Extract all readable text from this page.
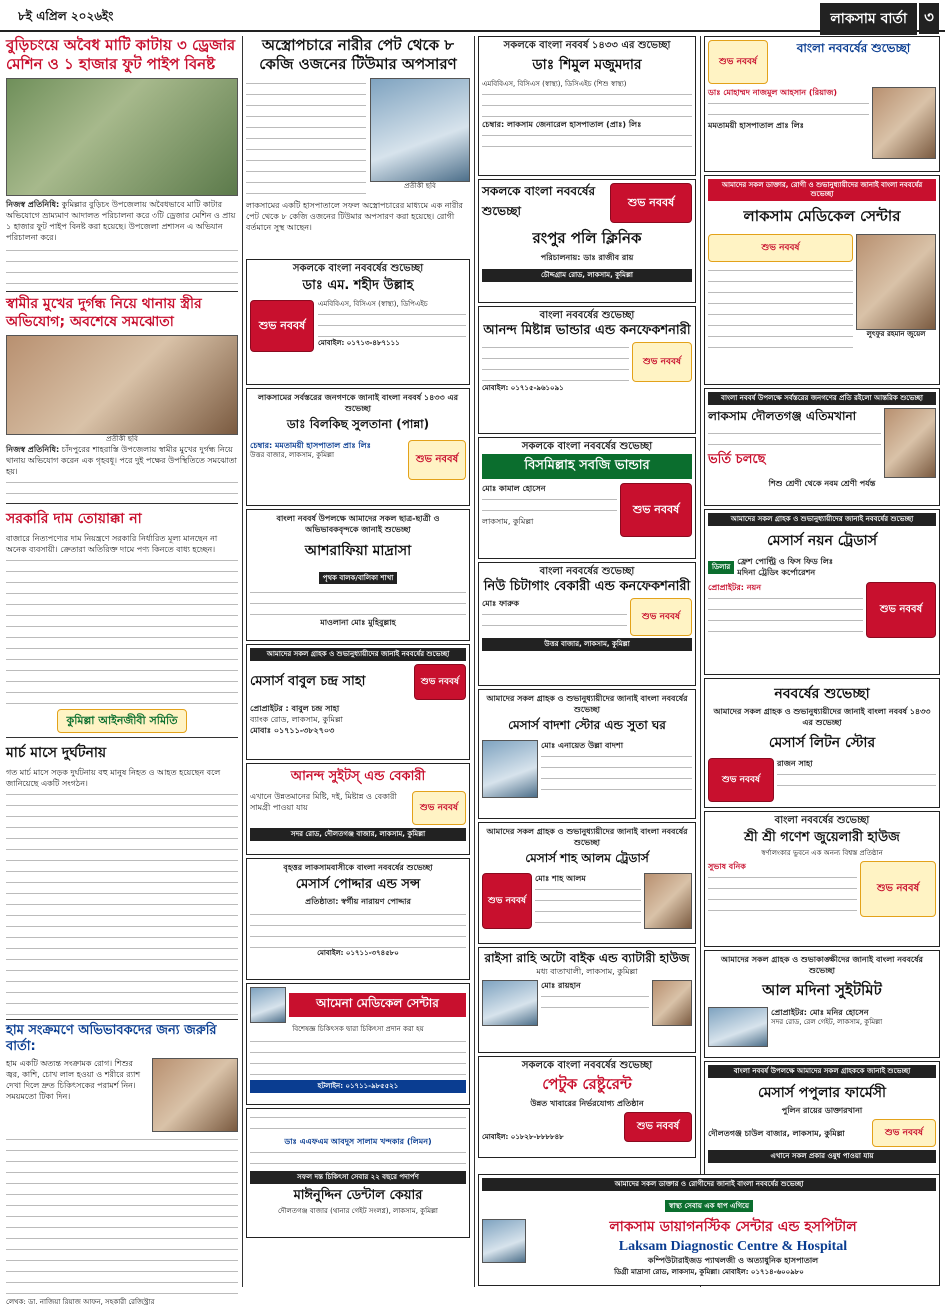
৮ই এপ্রিল ২০২৬ইং	লাকসাম বার্তা	৩
বুড়িচংয়ে অবৈধ মাটি কাটায় ৩ ড্রেজার মেশিন ও ১ হাজার ফুট পাইপ বিনষ্ট
নিজস্ব প্রতিনিধি: কুমিল্লার বুড়িচং উপজেলায় অবৈধভাবে মাটি কাটার অভিযোগে ভ্রাম্যমাণ আদালত পরিচালনা করে ৩টি ড্রেজার মেশিন ও প্রায় ১ হাজার ফুট পাইপ বিনষ্ট করা হয়েছে। উপজেলা প্রশাসন এ অভিযান পরিচালনা করে।
স্বামীর মুখের দুর্গন্ধ নিয়ে থানায় স্ত্রীর অভিযোগ; অবশেষে সমঝোতা
প্রতীকী ছবি
নিজস্ব প্রতিনিধি: চাঁদপুরের শাহরাস্তি উপজেলায় স্বামীর মুখের দুর্গন্ধ নিয়ে থানায় অভিযোগ করেন এক গৃহবধূ। পরে দুই পক্ষের উপস্থিতিতে সমঝোতা হয়।
সরকারি দাম তোয়াক্কা না
বাজারে নিত্যপণ্যের দাম নিয়ন্ত্রণে সরকারি নির্ধারিত মূল্য মানছেন না অনেক ব্যবসায়ী। ক্রেতারা অতিরিক্ত দামে পণ্য কিনতে বাধ্য হচ্ছেন।
কুমিল্লা আইনজীবী সমিতি
মার্চ মাসে দুর্ঘটনায়
গত মার্চ মাসে সড়ক দুর্ঘটনায় বহু মানুষ নিহত ও আহত হয়েছেন বলে জানিয়েছে একটি সংগঠন।
হাম সংক্রমণে অভিভাবকদের জন্য জরুরি বার্তা:
হাম একটি অত্যন্ত সংক্রামক রোগ। শিশুর জ্বর, কাশি, চোখ লাল হওয়া ও শরীরে র‍্যাশ দেখা দিলে দ্রুত চিকিৎসকের পরামর্শ নিন। সময়মতো টিকা দিন।
লেখক: ডা. নাজিয়া রিয়াজ আফন, সহকারী রেজিস্ট্রার
অস্ত্রোপচারে নারীর পেট থেকে ৮ কেজি ওজনের টিউমার অপসারণ
প্রতীকী ছবি
লাকসামের একটি হাসপাতালে সফল অস্ত্রোপচারের মাধ্যমে এক নারীর পেট থেকে ৮ কেজি ওজনের টিউমার অপসারণ করা হয়েছে। রোগী বর্তমানে সুস্থ আছেন।
সকলকে বাংলা নববর্ষের শুভেচ্ছা
ডাঃ এম. শহীদ উল্লাহ
শুভ নববর্ষ
এমবিবিএস, বিসিএস (স্বাস্থ্য), ডিপিএইচ
মোবাইল: ০১৭১৩-৪৮৭১১১
লাকসামের সর্বস্তরের জনগণকে জানাই বাংলা নববর্ষ ১৪৩৩ এর শুভেচ্ছা
ডাঃ বিলকিছ সুলতানা (পান্না)
চেম্বার: মমতাময়ী হাসপাতাল প্রাঃ লিঃ
উত্তর বাজার, লাকসাম, কুমিল্লা	শুভ নববর্ষ
বাংলা নববর্ষ উপলক্ষে আমাদের সকল ছাত্র-ছাত্রী ও অভিভাবকবৃন্দকে জানাই শুভেচ্ছা
আশরাফিয়া মাদ্রাসা
পৃথক বালক/বালিকা শাখা
মাওলানা মোঃ মুহিবুল্লাহ
আমাদের সকল গ্রাহক ও শুভানুধ্যায়ীদের জানাই নববর্ষের শুভেচ্ছা
মেসার্স বাবুল চন্দ্র সাহা	শুভ নববর্ষ
প্রোপ্রাইটর : বাবুল চন্দ্র সাহা
ব্যাংক রোড, লাকসাম, কুমিল্লা
মোবাঃ ০১৭১১-৩৮২৭০৩
আনন্দ সুইটস্ এন্ড বেকারী
এখানে উন্নতমানের মিষ্টি, দই, মিষ্টান্ন ও বেকারী সামগ্রী পাওয়া যায়	শুভ নববর্ষ
সদর রোড, দৌলতগঞ্জ বাজার, লাকসাম, কুমিল্লা
বৃহত্তর লাকসামবাসীকে বাংলা নববর্ষের শুভেচ্ছা
মেসার্স পোদ্দার এন্ড সন্স
প্রতিষ্ঠাতা: স্বর্গীয় নারায়ণ পোদ্দার
মোবাইল: ০১৭১১-৩৭৪৫৮০
আমেনা মেডিকেল সেন্টার
বিশেষজ্ঞ চিকিৎসক দ্বারা চিকিৎসা প্রদান করা হয়
হটলাইন: ০১৭১১-৯৮৫৫২১
ডাঃ এএফএম আবদুস সালাম খন্দকার (লিমন)
সফল দন্ত চিকিৎসা সেবার ২২ বছরে পদার্পণ
মাঈনুদ্দিন ডেন্টাল কেয়ার
দৌলতগঞ্জ বাজার (থানার গেইট সংলগ্ন), লাকসাম, কুমিল্লা
সকলকে বাংলা নববর্ষ ১৪৩৩ এর শুভেচ্ছা
ডাঃ শিমুল মজুমদার
এমবিবিএস, বিসিএস (স্বাস্থ্য), ডিসিএইচ (শিশু স্বাস্থ্য)
চেম্বার: লাকসাম জেনারেল হাসপাতাল (প্রাঃ) লিঃ
সকলকে বাংলা নববর্ষের শুভেচ্ছা
শুভ নববর্ষ
রংপুর পলি ক্লিনিক
পরিচালনায়: ডাঃ রাজীব রায়
চৌদ্দগ্রাম রোড, লাকসাম, কুমিল্লা
বাংলা নববর্ষের শুভেচ্ছা
আনন্দ মিষ্টান্ন ভান্ডার এন্ড কনফেকশনারী
শুভ নববর্ষ
মোবাইল: ০১৭১৫-৯৬১০৯১
সকলকে বাংলা নববর্ষের শুভেচ্ছা
বিসমিল্লাহ সবজি ভান্ডার
মোঃ কামাল হোসেন
লাকসাম, কুমিল্লা
শুভ নববর্ষ
বাংলা নববর্ষের শুভেচ্ছা
নিউ চিটাগাং বেকারী এন্ড কনফেকশনারী
মোঃ ফারুক
শুভ নববর্ষ
উত্তর বাজার, লাকসাম, কুমিল্লা
আমাদের সকল গ্রাহক ও শুভানুধ্যায়ীদের জানাই বাংলা নববর্ষের শুভেচ্ছা
মেসার্স বাদশা স্টোর এন্ড সুতা ঘর
মোঃ এনায়েত উল্লা বাদশা
আমাদের সকল গ্রাহক ও শুভানুধ্যায়ীদের জানাই বাংলা নববর্ষের শুভেচ্ছা
মেসার্স শাহ আলম ট্রেডার্স
শুভ নববর্ষ
মোঃ শাহ আলম
রাইসা রাহি অটো বাইক এন্ড ব্যাটারী হাউজ
মধ্য বাতাখালী, লাকসাম, কুমিল্লা
মোঃ রায়হান
সকলকে বাংলা নববর্ষের শুভেচ্ছা
পেটুক রেষ্টুরেন্ট
উন্নত খাবারের নির্ভরযোগ্য প্রতিষ্ঠান
মোবাইল: ০১৮২৮-৮৮৮৮৪৮
শুভ নববর্ষ
শুভ নববর্ষ
বাংলা নববর্ষের শুভেচ্ছা
ডাঃ মোহাম্মদ নাজমুল আহসান (রিয়াজ)
মমতাময়ী হাসপাতাল প্রাঃ লিঃ
আমাদের সকল ডাক্তার, রোগী ও শুভানুধ্যায়ীদের জানাই বাংলা নববর্ষের শুভেচ্ছা
লাকসাম মেডিকেল সেন্টার
শুভ নববর্ষ
লুৎফুর রহমান জুয়েল
বাংলা নববর্ষ উপলক্ষে সর্বস্তরের জনগণের প্রতি রইলো আন্তরিক শুভেচ্ছা
লাকসাম দৌলতগঞ্জ এতিমখানা
ভর্তি চলছে
শিশু শ্রেণী থেকে নবম শ্রেণী পর্যন্ত
আমাদের সকল গ্রাহক ও শুভানুধ্যায়ীদের জানাই নববর্ষের শুভেচ্ছা
মেসার্স নয়ন ট্রেডার্স
ডিলার
ফ্রেশ পোল্ট্রি ও ফিস ফিড লিঃ
মদিনা ট্রেডিং কর্পোরেশন
প্রোপ্রাইটর: নয়ন
শুভ নববর্ষ
নববর্ষের শুভেচ্ছা
আমাদের সকল গ্রাহক ও শুভানুধ্যায়ীদের জানাই বাংলা নববর্ষ ১৪৩৩ এর শুভেচ্ছা
মেসার্স লিটন স্টোর
শুভ নববর্ষ
রাজন সাহা
বাংলা নববর্ষের শুভেচ্ছা
শ্রী শ্রী গণেশ জুয়েলারী হাউজ
স্বর্ণালংকার ভুবনে এক অনন্য বিশ্বস্ত প্রতিষ্ঠান
সুভাষ বনিক
শুভ নববর্ষ
আমাদের সকল গ্রাহক ও শুভাকাঙ্ক্ষীদের জানাই বাংলা নববর্ষের শুভেচ্ছা
আল মদিনা সুইটমিট
প্রোপ্রাইটর: মোঃ মনির হোসেন
সদর রোড, রেল গেইট, লাকসাম, কুমিল্লা
বাংলা নববর্ষ উপলক্ষে আমাদের সকল গ্রাহককে জানাই শুভেচ্ছা
মেসার্স পপুলার ফার্মেসী
পুলিন রায়ের ডাক্তারখানা
দৌলতগঞ্জ চাউল বাজার, লাকসাম, কুমিল্লা	শুভ নববর্ষ
এখানে সকল প্রকার ওষুধ পাওয়া যায়
আমাদের সকল ডাক্তার ও রোগীদের জানাই বাংলা নববর্ষের শুভেচ্ছা
স্বাস্থ্য সেবায় এক ধাপ এগিয়ে
লাকসাম ডায়াগনস্টিক সেন্টার এন্ড হসপিটাল
Laksam Diagnostic Centre & Hospital
কম্পিউটারাইজড প্যাথলজী ও অত্যাধুনিক হাসপাতাল
ডিগ্রী মাদ্রাসা রোড, লাকসাম, কুমিল্লা। মোবাইল: ০১৭১৪-৬০০৯৮০
